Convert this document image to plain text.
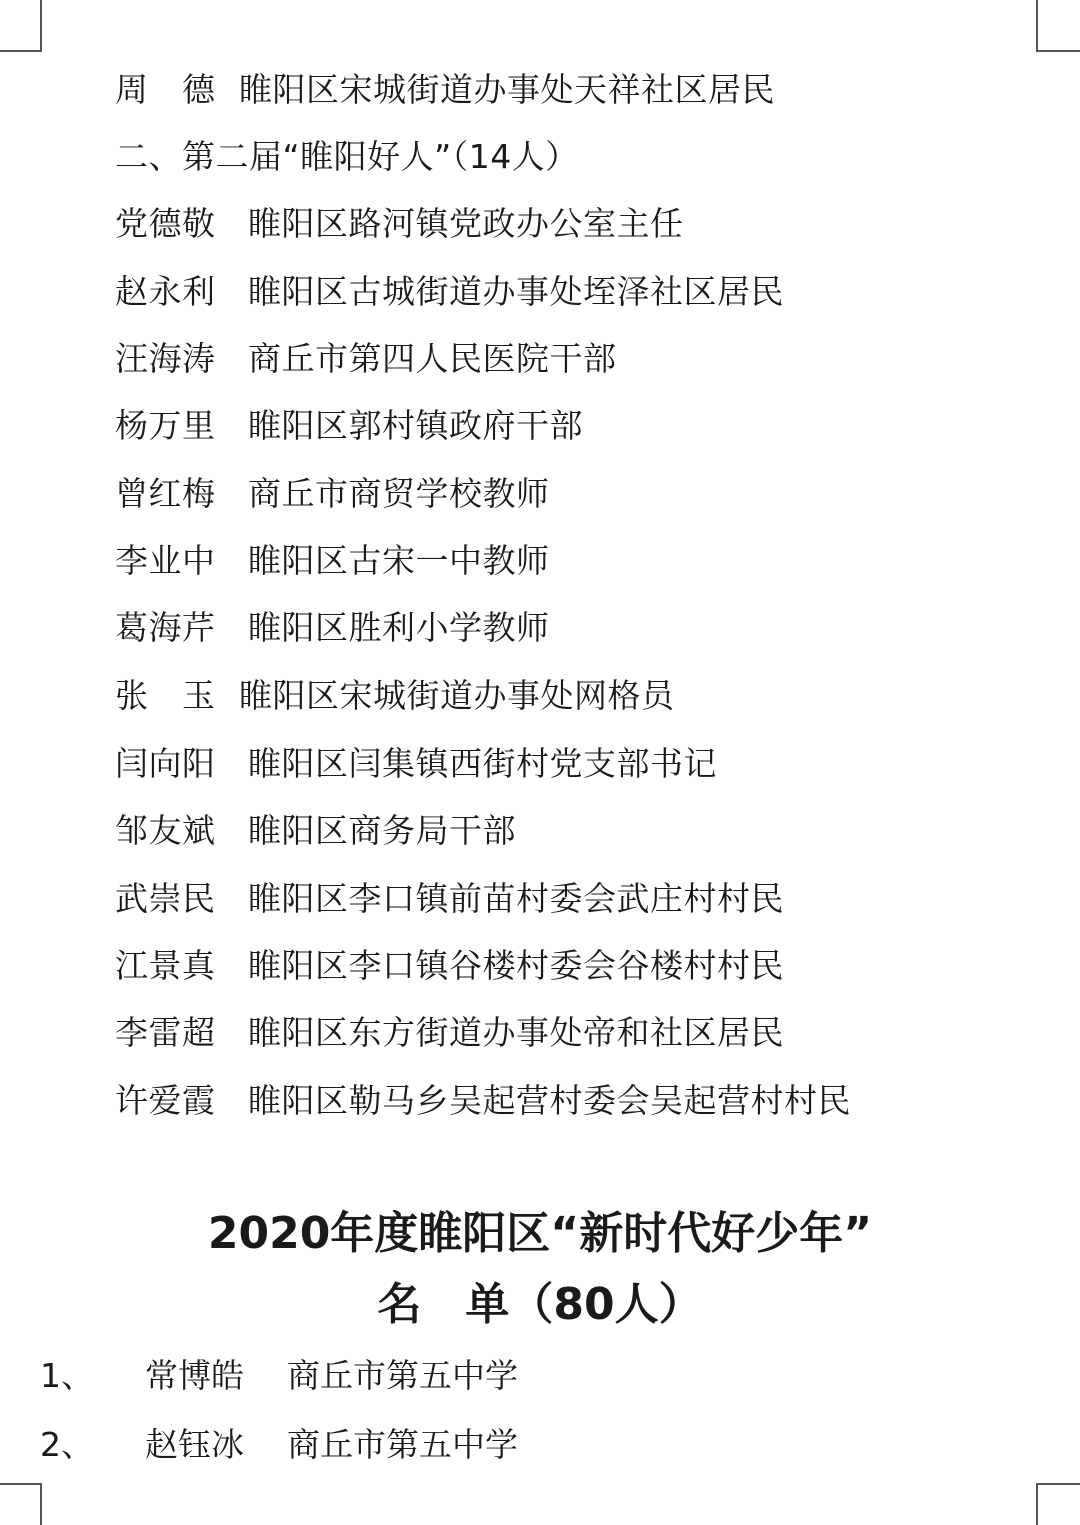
周　德 睢阳区宋城街道办事处天祥社区居民
二、第二届“睢阳好人”（14人）
党德敬 睢阳区路河镇党政办公室主任
赵永利 睢阳区古城街道办事处垤泽社区居民
汪海涛 商丘市第四人民医院干部
杨万里 睢阳区郭村镇政府干部
曾红梅 商丘市商贸学校教师
李业中 睢阳区古宋一中教师
葛海芹 睢阳区胜利小学教师
张　玉 睢阳区宋城街道办事处网格员
闫向阳 睢阳区闫集镇西街村党支部书记
邹友斌 睢阳区商务局干部
武崇民 睢阳区李口镇前苗村委会武庄村村民
江景真 睢阳区李口镇谷楼村委会谷楼村村民
李雷超 睢阳区东方街道办事处帝和社区居民
许爱霞 睢阳区勒马乡吴起营村委会吴起营村村民
2020年度睢阳区“新时代好少年”
名　单（80人）
1、 常博皓 商丘市第五中学
2、 赵钰冰 商丘市第五中学
